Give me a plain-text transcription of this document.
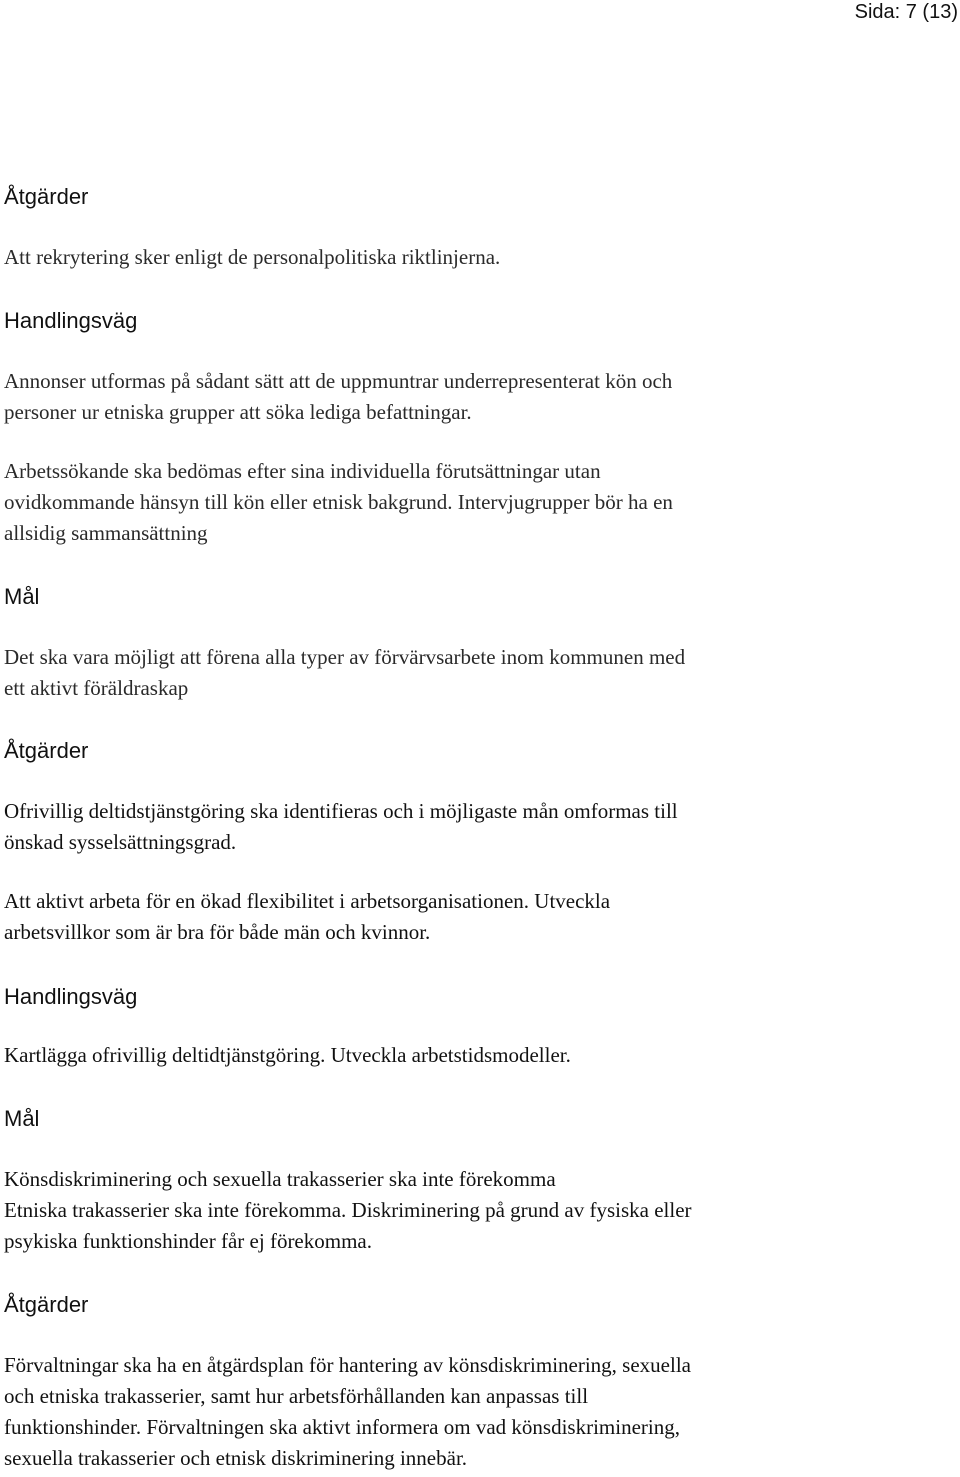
Sida: 7 (13)
Åtgärder

Att rekrytering sker enligt de personalpolitiska riktlinjerna.

Handlingsväg

Annonser utformas på sådant sätt att de uppmuntrar underrepresenterat kön och
personer ur etniska grupper att söka lediga befattningar.

Arbetssökande ska bedömas efter sina individuella förutsättningar utan
ovidkommande hänsyn till kön eller etnisk bakgrund. Intervjugrupper bör ha en
allsidig sammansättning

Mål

Det ska vara möjligt att förena alla typer av förvärvsarbete inom kommunen med
ett aktivt föräldraskap

Åtgärder

Ofrivillig deltidstjänstgöring ska identifieras och i möjligaste mån omformas till
önskad sysselsättningsgrad.

Att aktivt arbeta för en ökad flexibilitet i arbetsorganisationen. Utveckla
arbetsvillkor som är bra för både män och kvinnor.

Handlingsväg

Kartlägga ofrivillig deltidtjänstgöring. Utveckla arbetstidsmodeller.

Mål

Könsdiskriminering och sexuella trakasserier ska inte förekomma
Etniska trakasserier ska inte förekomma. Diskriminering på grund av fysiska eller
psykiska funktionshinder får ej förekomma.

Åtgärder

Förvaltningar ska ha en åtgärdsplan för hantering av könsdiskriminering, sexuella
och etniska trakasserier, samt hur arbetsförhållanden kan anpassas till
funktionshinder. Förvaltningen ska aktivt informera om vad könsdiskriminering,
sexuella trakasserier och etnisk diskriminering innebär.
